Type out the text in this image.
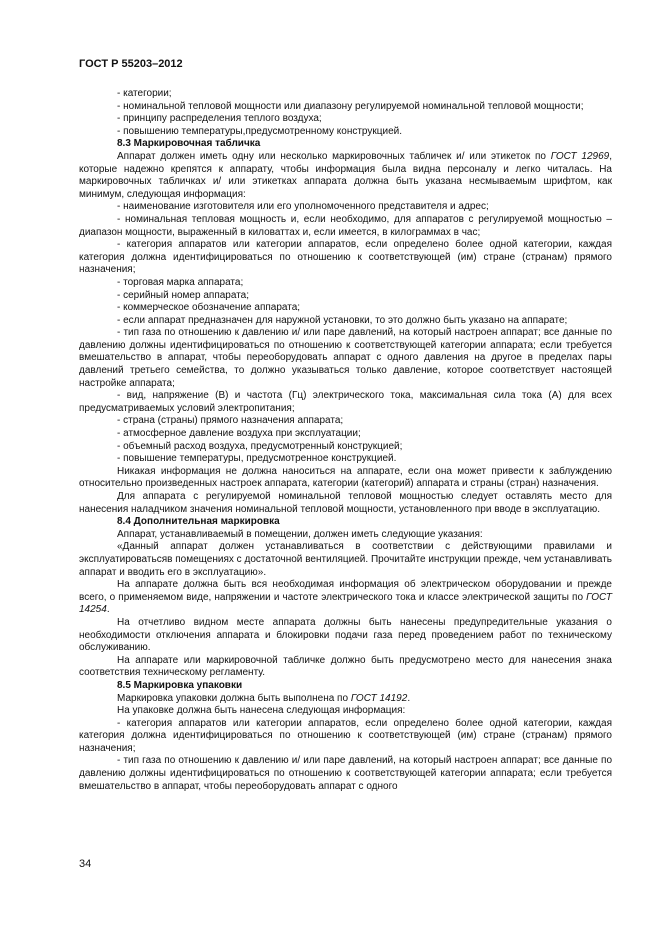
ГОСТ Р 55203–2012

- категории;

- номинальной тепловой мощности или диапазону регулируемой номинальной тепловой мощности;

- принципу распределения теплого воздуха;

- повышению температуры,предусмотренному конструкцией.

8.3 Маркировочная табличка

Аппарат должен иметь одну или несколько маркировочных табличек и/ или этикеток по ГОСТ 12969, которые надежно крепятся к аппарату, чтобы информация была видна персоналу и легко читалась. На маркировочных табличках и/ или этикетках аппарата должна быть указана несмываемым шрифтом, как минимум, следующая информация:

- наименование изготовителя или его уполномоченного представителя и адрес;

- номинальная тепловая мощность и, если необходимо, для аппаратов с регулируемой мощностью – диапазон мощности, выраженный в киловаттах и, если имеется, в килограммах в час;

- категория аппаратов или категории аппаратов, если определено более одной категории, каждая категория должна идентифицироваться по отношению к соответствующей (им) стране (странам) прямого назначения;

- торговая марка аппарата;

- серийный номер аппарата;

- коммерческое обозначение аппарата;

- если аппарат предназначен для наружной установки, то это должно быть указано на аппарате;

- тип газа по отношению к давлению и/ или паре давлений, на который настроен аппарат; все данные по давлению должны идентифицироваться по отношению к соответствующей категории аппарата; если требуется вмешательство в аппарат, чтобы переоборудовать аппарат с одного давления на другое в пределах пары давлений третьего семейства, то должно указываться только давление, которое соответствует настоящей настройке аппарата;

- вид, напряжение (В) и частота (Гц) электрического тока, максимальная сила тока (А) для всех предусматриваемых условий электропитания;

- страна (страны) прямого назначения аппарата;

- атмосферное давление воздуха при эксплуатации;

- объемный расход воздуха, предусмотренный конструкцией;

- повышение температуры, предусмотренное конструкцией.

Никакая информация не должна наноситься на аппарате, если она может привести к заблуждению относительно произведенных настроек аппарата, категории (категорий) аппарата и страны (стран) назначения.

Для аппарата с регулируемой номинальной тепловой мощностью следует оставлять место для нанесения наладчиком значения номинальной тепловой мощности, установленного при вводе в эксплуатацию.

8.4 Дополнительная маркировка

Аппарат, устанавливаемый в помещении, должен иметь следующие указания:

«Данный аппарат должен устанавливаться в соответствии с действующими правилами и эксплуатироватьсяв помещениях с достаточной вентиляцией. Прочитайте инструкции прежде, чем устанавливать аппарат и вводить его в эксплуатацию».

На аппарате должна быть вся необходимая информация об электрическом оборудовании и прежде всего, о применяемом виде, напряжении и частоте электрического тока и классе электрической защиты по ГОСТ 14254.

На отчетливо видном месте аппарата должны быть нанесены предупредительные указания о необходимости отключения аппарата и блокировки подачи газа перед проведением работ по техническому обслуживанию.

На аппарате или маркировочной табличке должно быть предусмотрено место для нанесения знака соответствия техническому регламенту.

8.5 Маркировка упаковки

Маркировка упаковки должна быть выполнена по ГОСТ 14192.

На упаковке должна быть нанесена следующая информация:

- категория аппаратов или категории аппаратов, если определено более одной категории, каждая категория должна идентифицироваться по отношению к соответствующей (им) стране (странам) прямого назначения;

- тип газа по отношению к давлению и/ или паре давлений, на который настроен аппарат; все данные по давлению должны идентифицироваться по отношению к соответствующей категории аппарата; если требуется вмешательство в аппарат, чтобы переоборудовать аппарат с одного

34
